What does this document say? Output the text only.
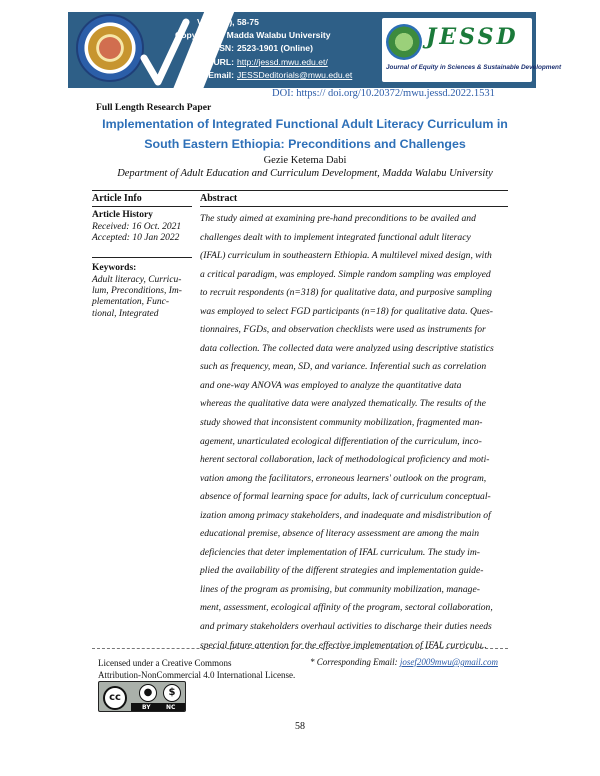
VOL 5(1), 58-75
Copyright © Madda Walabu University
ISSN: 2523-1901 (Online)
URL: http://jessd.mwu.edu.et/
Email: JESSDeditorials@mwu.edu.et
JESSD
Journal of Equity in Sciences & Sustainable Development
DOI: https:// doi.org/10.20372/mwu.jessd.2022.1531
Full Length Research Paper
Implementation of Integrated Functional Adult Literacy Curriculum in
South Eastern Ethiopia: Preconditions and Challenges
Gezie Ketema Dabi
Department of Adult Education and Curriculum Development, Madda Walabu University
Article Info	Abstract
Article History
Received: 16 Oct. 2021
Accepted: 10 Jan 2022
Keywords:
Adult literacy, Curricu-
lum, Preconditions, Im-
plementation, Func-
tional, Integrated
The study aimed at examining pre-hand preconditions to be availed and
challenges dealt with to implement integrated functional adult literacy
(IFAL) curriculum in southeastern Ethiopia. A multilevel mixed design, with
a critical paradigm, was employed. Simple random sampling was employed
to recruit respondents (n=318) for qualitative data, and purposive sampling
was employed to select FGD participants (n=18) for qualitative data. Ques-
tionnaires, FGDs, and observation checklists were used as instruments for
data collection. The collected data were analyzed using descriptive statistics
such as frequency, mean, SD, and variance. Inferential such as correlation
and one-way ANOVA was employed to analyze the quantitative data
whereas the qualitative data were analyzed thematically. The results of the
study showed that inconsistent community mobilization, fragmented man-
agement, unarticulated ecological differentiation of the curriculum, inco-
herent sectoral collaboration, lack of methodological proficiency and moti-
vation among the facilitators, erroneous learners' outlook on the program,
absence of formal learning space for adults, lack of curriculum conceptual-
ization among primacy stakeholders, and inadequate and misdistribution of
educational premise, absence of literacy assessment are among the main
deficiencies that deter implementation of IFAL curriculum. The study im-
plied the availability of the different strategies and implementation guide-
lines of the program as promising, but community mobilization, manage-
ment, assessment, ecological affinity of the program, sectoral collaboration,
and primary stakeholders overhaul activities to discharge their duties needs
special future attention for the effective implementation of IFAL curriculu..
Licensed under a Creative Commons
Attribution-NonCommercial 4.0 International License.
* Corresponding Email: josef2009mwu@gmail.com
cc	●	$
BY	NC
58
